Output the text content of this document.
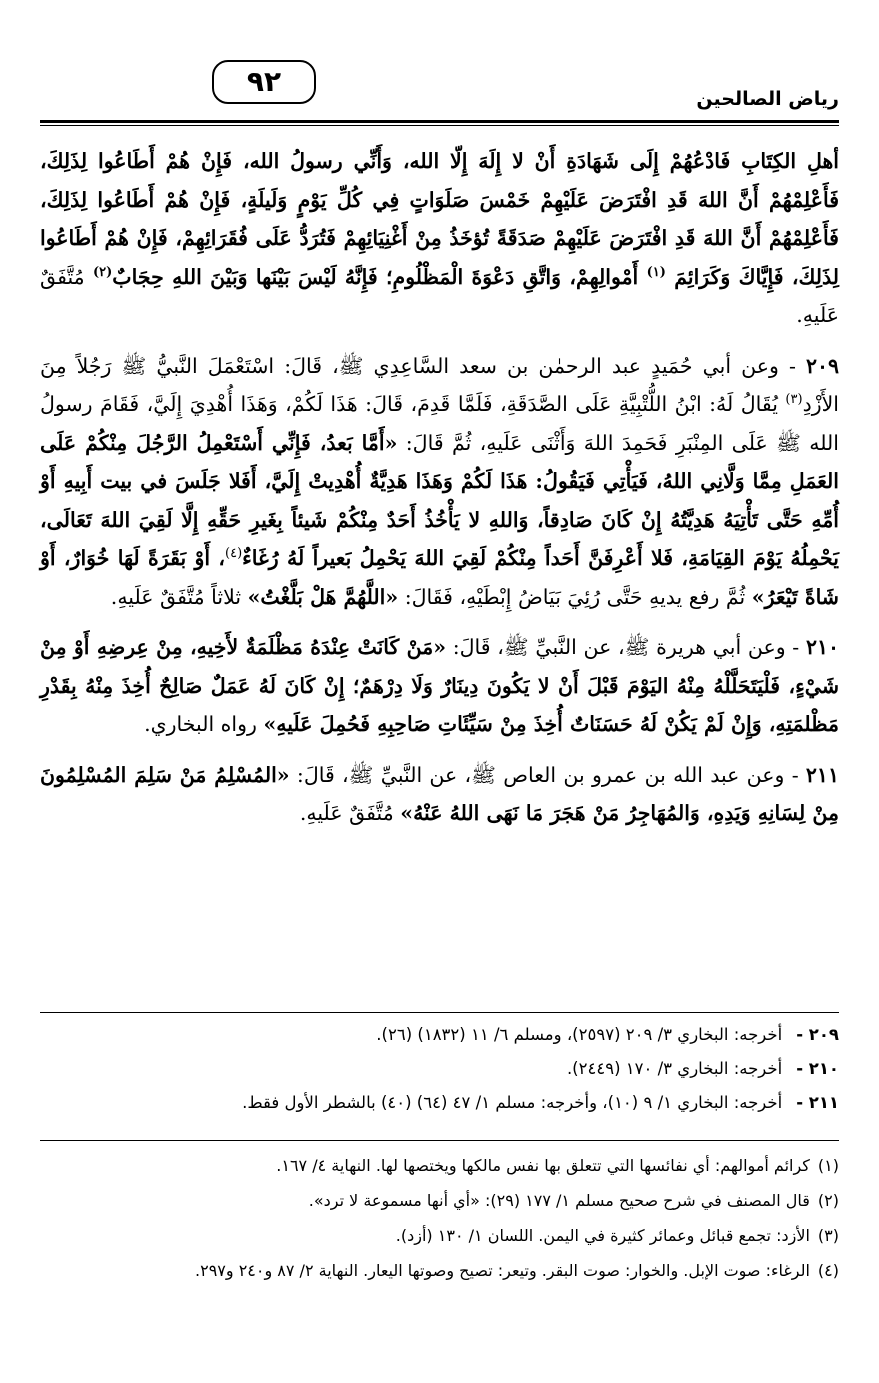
٩٢
رياض الصالحين

أهلِ الكِتَابِ فَادْعُهُمْ إِلَى شَهَادَةِ أَنْ لا إِلَهَ إِلّا الله، وَأَنِّي رسولُ الله، فَإِنْ هُمْ أَطَاعُوا لِذَلِكَ، فَأَعْلِمْهُمْ أَنَّ اللهَ قَدِ افْتَرَضَ عَلَيْهِمْ خَمْسَ صَلَوَاتٍ فِي كُلِّ يَوْمٍ وَلَيلَةٍ، فَإِنْ هُمْ أَطَاعُوا لِذَلِكَ، فَأَعْلِمْهُمْ أَنَّ اللهَ قَدِ افْتَرَضَ عَلَيْهِمْ صَدَقَةً تُؤخَذُ مِنْ أَغْنِيَائِهِمْ فَتُرَدُّ عَلَى فُقَرَائِهِمْ، فَإِنْ هُمْ أَطَاعُوا لِذَلِكَ، فَإِيَّاكَ وَكَرَائِمَ $^{(١)}$ أَمْوالِهِمْ، وَاتَّقِ دَعْوَةَ الْمَظْلُومِ؛ فَإِنَّهُ لَيْسَ بَيْنَها وَبَيْنَ اللهِ حِجَابٌ$^{(٢)}$ مُتَّفَقٌ عَلَيهِ.

٢٠٩ - وعن أبي حُمَيدٍ عبد الرحمٰن بن سعد السَّاعِدِي ﷺ، قَالَ: اسْتَعْمَلَ النَّبيُّ ﷺ رَجُلاً مِنَ الأَزْدِ$^{(٣)}$ يُقَالُ لَهُ: ابْنُ اللُّتْبِيَّةِ عَلَى الصَّدَقَةِ، فَلَمَّا قَدِمَ، قَالَ: هَذَا لَكُمْ، وَهَذَا أُهْدِيَ إِلَيَّ، فَقَامَ رسولُ الله ﷺ عَلَى المِنْبَرِ فَحَمِدَ اللهَ وَأَثْنَى عَلَيهِ، ثُمَّ قَالَ: «أَمَّا بَعدُ، فَإِنِّي أَسْتَعْمِلُ الرَّجُلَ مِنْكُمْ عَلَى العَمَلِ مِمَّا وَلَّانِي اللهُ، فَيَأْتِي فَيَقُولُ: هَذَا لَكُمْ وَهَذَا هَدِيَّةٌ أُهْدِيتْ إِلَيَّ، أَفَلا جَلَسَ في بيت أَبِيهِ أَوْ أُمِّهِ حَتَّى تَأْتِيَهُ هَدِيَّتُهُ إِنْ كَانَ صَادِقاً، وَاللهِ لا يَأْخُذُ أَحَدٌ مِنْكُمْ شَيئاً بِغَيرِ حَقِّهِ إِلَّا لَقِيَ اللهَ تَعَالَى، يَحْمِلُهُ يَوْمَ القِيَامَةِ، فَلا أَعْرِفَنَّ أَحَداً مِنْكُمْ لَقِيَ اللهَ يَحْمِلُ بَعيراً لَهُ رُغَاءٌ$^{(٤)}$، أَوْ بَقَرَةً لَهَا خُوَارٌ، أَوْ شَاةً تَيْعَرُ» ثُمَّ رفع يديهِ حَتَّى رُئِيَ بَيَاضُ إِبْطَيْهِ، فَقَالَ: «اللَّهُمَّ هَلْ بَلَّغْتُ» ثلاثاً مُتَّفَقٌ عَلَيهِ.

٢١٠ - وعن أبي هريرة ﷺ، عن النَّبيِّ ﷺ، قَالَ: «مَنْ كَانَتْ عِنْدَهُ مَظْلَمَةٌ لأَخِيهِ، مِنْ عِرضِهِ أَوْ مِنْ شَيْءٍ، فَلْيَتَحَلَّلْهُ مِنْهُ اليَوْمَ قَبْلَ أَنْ لا يَكُونَ دِينَارٌ وَلَا دِرْهَمٌ؛ إِنْ كَانَ لَهُ عَمَلٌ صَالِحٌ أُخِذَ مِنْهُ بِقَدْرِ مَظْلمَتِهِ، وَإِنْ لَمْ يَكُنْ لَهُ حَسَنَاتٌ أُخِذَ مِنْ سَيِّئَاتِ صَاحِبِهِ فَحُمِلَ عَلَيهِ» رواه البخاري.

٢١١ - وعن عبد الله بن عمرو بن العاص ﷺ، عن النَّبيِّ ﷺ، قَالَ: «المُسْلِمُ مَنْ سَلِمَ المُسْلِمُونَ مِنْ لِسَانِهِ وَيَدِهِ، وَالمُهَاجِرُ مَنْ هَجَرَ مَا نَهَى اللهُ عَنْهُ» مُتَّفَقٌ عَلَيهِ.

٢٠٩ -أخرجه: البخاري ٣/ ٢٠٩ (٢٥٩٧)، ومسلم ٦/ ١١ (١٨٣٢) (٢٦).
٢١٠ -أخرجه: البخاري ٣/ ١٧٠ (٢٤٤٩).
٢١١ -أخرجه: البخاري ١/ ٩ (١٠)، وأخرجه: مسلم ١/ ٤٧ (٦٤) (٤٠) بالشطر الأول فقط.
(١)كرائم أموالهم: أي نفائسها التي تتعلق بها نفس مالكها ويختصها لها. النهاية ٤/ ١٦٧.
(٢)قال المصنف في شرح صحيح مسلم ١/ ١٧٧ (٢٩): «أي أنها مسموعة لا ترد».
(٣)الأزد: تجمع قبائل وعمائر كثيرة في اليمن. اللسان ١/ ١٣٠ (أزد).
(٤)الرغاء: صوت الإبل. والخوار: صوت البقر. وتيعر: تصيح وصوتها اليعار. النهاية ٢/ ٨٧ و٢٤٠ و٢٩٧.
